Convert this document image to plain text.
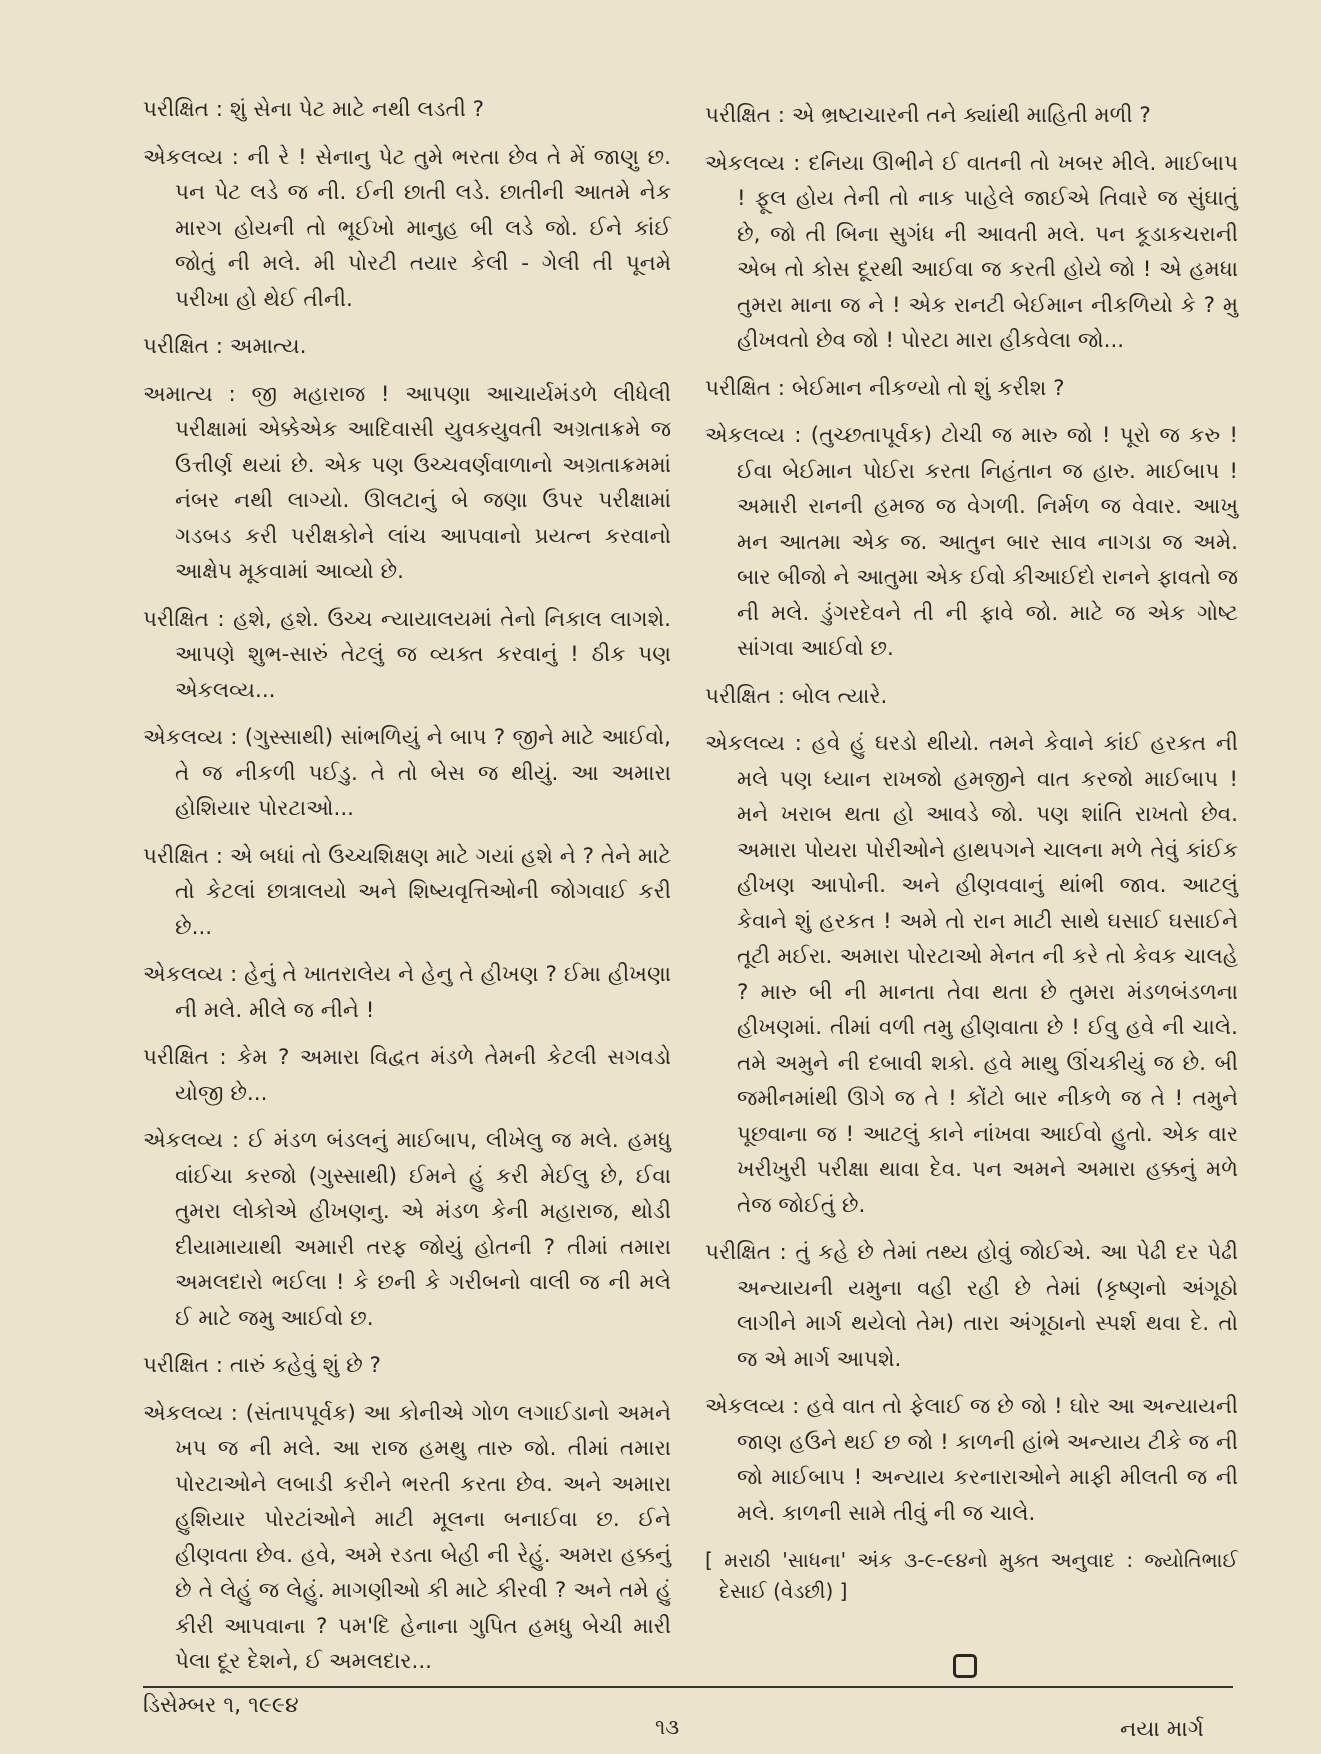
પરીક્ષિત : શું સેના પેટ માટે નથી લડતી ?

એકલવ્ય : ની રે ! સેનાનુ પેટ તુમે ભરતા છેવ તે મેં જાણુ છ. પન પેટ લડે જ ની. ઈની છાતી લડે. છાતીની આતમે નેક મારગ હોયની તો ભૂઈખો માનુહ બી લડે જો. ઈને કાંઈ જોતું ની મલે. મી પોરટી તયાર કેલી - ગેલી તી પૂનમે પરીખા હો થેઈ તીની.

પરીક્ષિત : અમાત્ય.

અમાત્ય : જી મહારાજ ! આપણા આચાર્યમંડળે લીધેલી પરીક્ષામાં એક્કેએક આદિવાસી યુવકયુવતી અગ્રતાક્રમે જ ઉત્તીર્ણ થયાં છે. એક પણ ઉચ્ચવર્ણવાળાનો અગ્રતાક્રમમાં નંબર નથી લાગ્યો. ઊલટાનું બે જણા ઉપર પરીક્ષામાં ગડબડ કરી પરીક્ષકોને લાંચ આપવાનો પ્રયત્ન કરવાનો આક્ષેપ મૂકવામાં આવ્યો છે.

પરીક્ષિત : હશે, હશે. ઉચ્ચ ન્યાયાલયમાં તેનો નિકાલ લાગશે. આપણે શુભ-સારું તેટલું જ વ્યક્ત કરવાનું ! ઠીક પણ એકલવ્ય...

એકલવ્ય : (ગુસ્સાથી) સાંભળિયું ને બાપ ? જીને માટે આઈવો, તે જ નીકળી પઈડુ. તે તો બેસ જ થીયું. આ અમારા હોશિયાર પોરટાઓ...

પરીક્ષિત : એ બધાં તો ઉચ્ચશિક્ષણ માટે ગયાં હશે ને ? તેને માટે તો કેટલાં છાત્રાલયો અને શિષ્યવૃત્તિઓની જોગવાઈ કરી છે...

એકલવ્ય : હેનું તે ખાતરાલેય ને હેનુ તે હીખણ ? ઈમા હીખણા ની મલે. મીલે જ નીને !

પરીક્ષિત : કેમ ? અમારા વિદ્વત મંડળે તેમની કેટલી સગવડો યોજી છે...

એકલવ્ય : ઈ મંડળ બંડલનું માઈબાપ, લીખેલુ જ મલે. હમધુ વાંઈચા કરજો (ગુસ્સાથી) ઈમને હું કરી મેઈલુ છે, ઈવા તુમરા લોકોએ હીખણનુ. એ મંડળ કેની મહારાજ, થોડી દીયામાયાથી અમારી તરફ જોયું હોતની ? તીમાં તમારા અમલદારો ભઈલા ! કે છની કે ગરીબનો વાલી જ ની મલે ઈ માટે જમુ આઈવો છ.

પરીક્ષિત : તારું કહેવું શું છે ?

એકલવ્ય : (સંતાપપૂર્વક) આ કોનીએ ગોળ લગાઈડાનો અમને ખપ જ ની મલે. આ રાજ હમથુ તારુ જો. તીમાં તમારા પોરટાઓને લબાડી કરીને ભરતી કરતા છેવ. અને અમારા હુશિયાર પોરટાંઓને માટી મૂલના બનાઈવા છ. ઈને હીણવતા છેવ. હવે, અમે રડતા બેહી ની રેહું. અમરા હક્કનું છે તે લેહું જ લેહું. માગણીઓ કી માટે કીરવી ? અને તમે હું કીરી આપવાના ? પમ'દિ હેનાના ગુપિત હમધુ બેચી મારી પેલા દૂર દેશને, ઈ અમલદાર...

પરીક્ષિત : એ ભ્રષ્ટાચારની તને ક્યાંથી માહિતી મળી ?

એકલવ્ય : દનિયા ઊભીને ઈ વાતની તો ખબર મીલે. માઈબાપ ! ફૂલ હોય તેની તો નાક પાહેલે જાઈએ તિવારે જ સુંઘાતું છે, જો તી બિના સુગંધ ની આવતી મલે. પન કૂડાકચરાની એબ તો કોસ દૂરથી આઈવા જ કરતી હોયે જો ! એ હમધા તુમરા માના જ ને ! એક રાનટી બેઈમાન નીકળિયો કે ? મુ હીખવતો છેવ જો ! પોરટા મારા હીકવેલા જો...

પરીક્ષિત : બેઈમાન નીકળ્યો તો શું કરીશ ?

એકલવ્ય : (તુચ્છતાપૂર્વક) ટોચી જ મારુ જો ! પૂરો જ કરુ ! ઈવા બેઈમાન પોઈરા કરતા નિહંતાન જ હારુ. માઈબાપ ! અમારી રાનની હમજ જ વેગળી. નિર્મળ જ વેવાર. આખુ મન આતમા એક જ. આતુન બાર સાવ નાગડા જ અમે. બાર બીજો ને આતુમા એક ઈવો કીઆઈદો રાનને ફાવતો જ ની મલે. ડુંગરદેવને તી ની ફાવે જો. માટે જ એક ગોષ્ટ સાંગવા આઈવો છ.

પરીક્ષિત : બોલ ત્યારે.

એકલવ્ય : હવે હું ઘરડો થીયો. તમને કેવાને કાંઈ હરકત ની મલે પણ ધ્યાન રાખજો હમજીને વાત કરજો માઈબાપ ! મને ખરાબ થતા હો આવડે જો. પણ શાંતિ રાખતો છેવ. અમારા પોયરા પોરીઓને હાથપગને ચાલના મળે તેવું કાંઈક હીખણ આપોની. અને હીણવવાનું થાંભી જાવ. આટલું કેવાને શું હરકત ! અમે તો રાન માટી સાથે ઘસાઈ ઘસાઈને તૂટી મઈરા. અમારા પોરટાઓ મેનત ની કરે તો કેવક ચાલહે ? મારુ બી ની માનતા તેવા થતા છે તુમરા મંડળબંડળના હીખણમાં. તીમાં વળી તમુ હીણવાતા છે ! ઈવુ હવે ની ચાલે. તમે અમુને ની દબાવી શકો. હવે માથુ ઊંચકીયું જ છે. બી જમીનમાંથી ઊગે જ તે ! કોંટો બાર નીકળે જ તે ! તમુને પૂછવાના જ ! આટલું કાને નાંખવા આઈવો હુતો. એક વાર ખરીખુરી પરીક્ષા થાવા દેવ. પન અમને અમારા હક્કનું મળે તેજ જોઈતું છે.

પરીક્ષિત : તું કહે છે તેમાં તથ્ય હોવું જોઈએ. આ પેઢી દર પેઢી અન્યાયની યમુના વહી રહી છે તેમાં (કૃષ્ણનો અંગૂઠો લાગીને માર્ગ થયેલો તેમ) તારા અંગૂઠાનો સ્પર્શ થવા દે. તો જ એ માર્ગ આપશે.

એકલવ્ય : હવે વાત તો ફેલાઈ જ છે જો ! ઘોર આ અન્યાયની જાણ હઉને થઈ છ જો ! કાળની હાંભે અન્યાય ટીકે જ ની જો માઈબાપ ! અન્યાય કરનારાઓને માફી મીલતી જ ની મલે. કાળની સામે તીવું ની જ ચાલે.

[ મરાઠી 'સાધના' અંક ૩-૯-૯૪નો મુક્ત અનુવાદ : જ્યોતિભાઈ દેસાઈ (વેડછી) ]

ડિસેમ્બર ૧, ૧૯૯૪
૧૩	નયા માર્ગ
